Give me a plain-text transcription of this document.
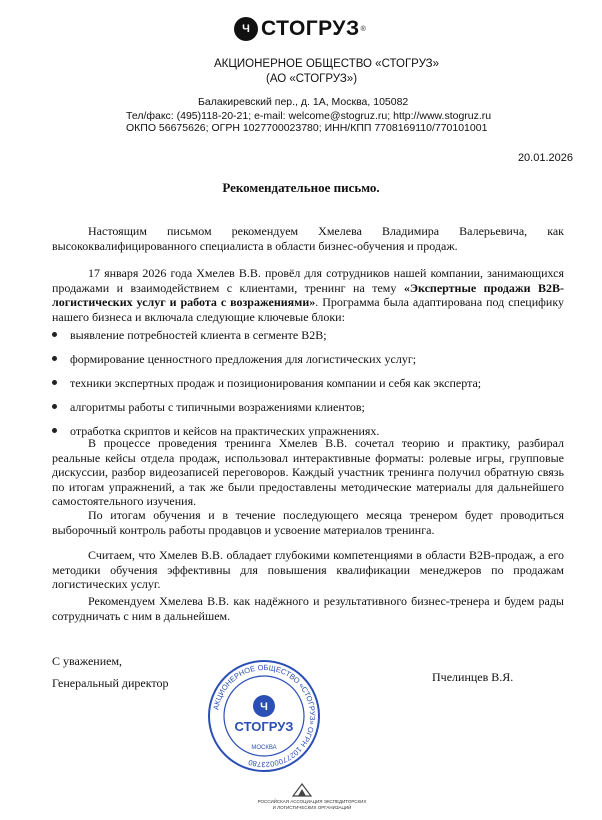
Ч СТОГРУЗ ®
АКЦИОНЕРНОЕ ОБЩЕСТВО «СТОГРУЗ»
(АО «СТОГРУЗ»)
Балакиревский пер., д. 1А, Москва, 105082
Тел/факс: (495)118-20-21; e-mail: welcome@stogruz.ru; http://www.stogruz.ru
ОКПО 56675626; ОГРН 1027700023780; ИНН/КПП 7708169110/770101001
20.01.2026
Рекомендательное письмо.

Настоящим письмом рекомендуем Хмелева Владимира Валерьевича, как высококвалифицированного специалиста в области бизнес-обучения и продаж.

17 января 2026 года Хмелев В.В. провёл для сотрудников нашей компании, занимающихся продажами и взаимодействием с клиентами, тренинг на тему «Экспертные продажи B2B-логистических услуг и работа с возражениями». Программа была адаптирована под специфику нашего бизнеса и включала следующие ключевые блоки:

выявление потребностей клиента в сегменте B2B;
формирование ценностного предложения для логистических услуг;
техники экспертных продаж и позиционирования компании и себя как эксперта;
алгоритмы работы с типичными возражениями клиентов;
отработка скриптов и кейсов на практических упражнениях.

В процессе проведения тренинга Хмелев В.В. сочетал теорию и практику, разбирал реальные кейсы отдела продаж, использовал интерактивные форматы: ролевые игры, групповые дискуссии, разбор видеозаписей переговоров. Каждый участник тренинга получил обратную связь по итогам упражнений, а так же были предоставлены методические материалы для дальнейшего самостоятельного изучения.

По итогам обучения и в течение последующего месяца тренером будет проводиться выборочный контроль работы продавцов и усвоение материалов тренинга.

Считаем, что Хмелев В.В. обладает глубокими компетенциями в области B2B-продаж, а его методики обучения эффективны для повышения квалификации менеджеров по продажам логистических услуг.

Рекомендуем Хмелева В.В. как надёжного и результативного бизнес-тренера и будем рады сотрудничать с ним в дальнейшем.

С уважением,
Генеральный директор	Пчелинцев В.Я.
АКЦИОНЕРНОЕ ОБЩЕСТВО «СТОГРУЗ» ОГРН 1027700023780
Ч
СТОГРУЗ
МОСКВА
РОССИЙСКАЯ АССОЦИАЦИЯ ЭКСПЕДИТОРСКИХ
И ЛОГИСТИЧЕСКИХ ОРГАНИЗАЦИЙ
